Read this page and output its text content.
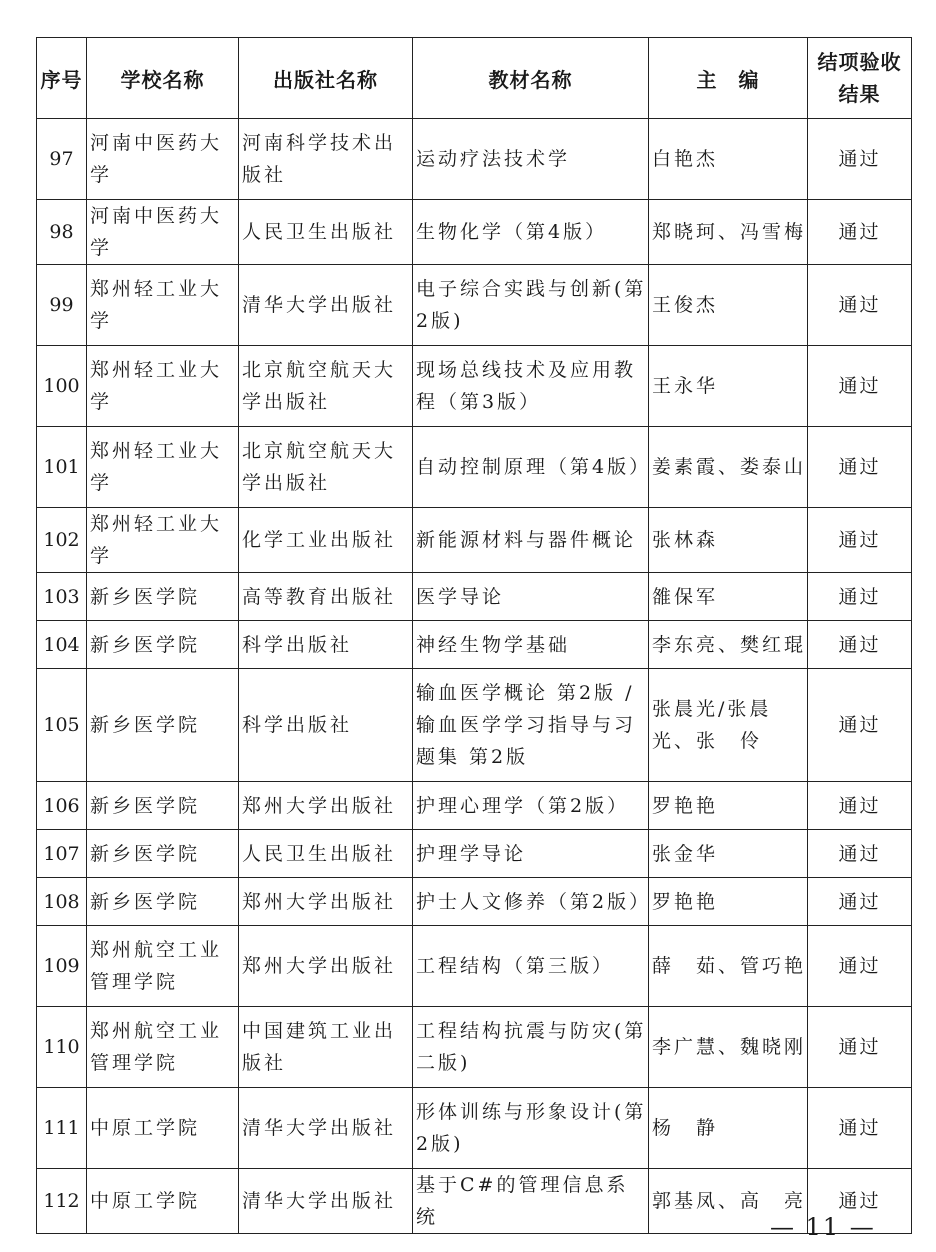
序号	学校名称	出版社名称	教材名称	主　编	结项验收结果
97	河南中医药大学	河南科学技术出版社	运动疗法技术学	白艳杰	通过
98	河南中医药大学	人民卫生出版社	生物化学（第4版）	郑晓珂、冯雪梅	通过
99	郑州轻工业大学	清华大学出版社	电子综合实践与创新(第2版)	王俊杰	通过
100	郑州轻工业大学	北京航空航天大学出版社	现场总线技术及应用教程（第3版）	王永华	通过
101	郑州轻工业大学	北京航空航天大学出版社	自动控制原理（第4版）	姜素霞、娄泰山	通过
102	郑州轻工业大学	化学工业出版社	新能源材料与器件概论	张林森	通过
103	新乡医学院	高等教育出版社	医学导论	雒保军	通过
104	新乡医学院	科学出版社	神经生物学基础	李东亮、樊红琨	通过
105	新乡医学院	科学出版社	输血医学概论 第2版 / 输血医学学习指导与习题集 第2版	张晨光/张晨光、张　伶	通过
106	新乡医学院	郑州大学出版社	护理心理学（第2版）	罗艳艳	通过
107	新乡医学院	人民卫生出版社	护理学导论	张金华	通过
108	新乡医学院	郑州大学出版社	护士人文修养（第2版）	罗艳艳	通过
109	郑州航空工业管理学院	郑州大学出版社	工程结构（第三版）	薛　茹、管巧艳	通过
110	郑州航空工业管理学院	中国建筑工业出版社	工程结构抗震与防灾(第二版)	李广慧、魏晓刚	通过
111	中原工学院	清华大学出版社	形体训练与形象设计(第2版)	杨　静	通过
112	中原工学院	清华大学出版社	基于C#的管理信息系统	郭基凤、高　亮	通过
— 11 —
